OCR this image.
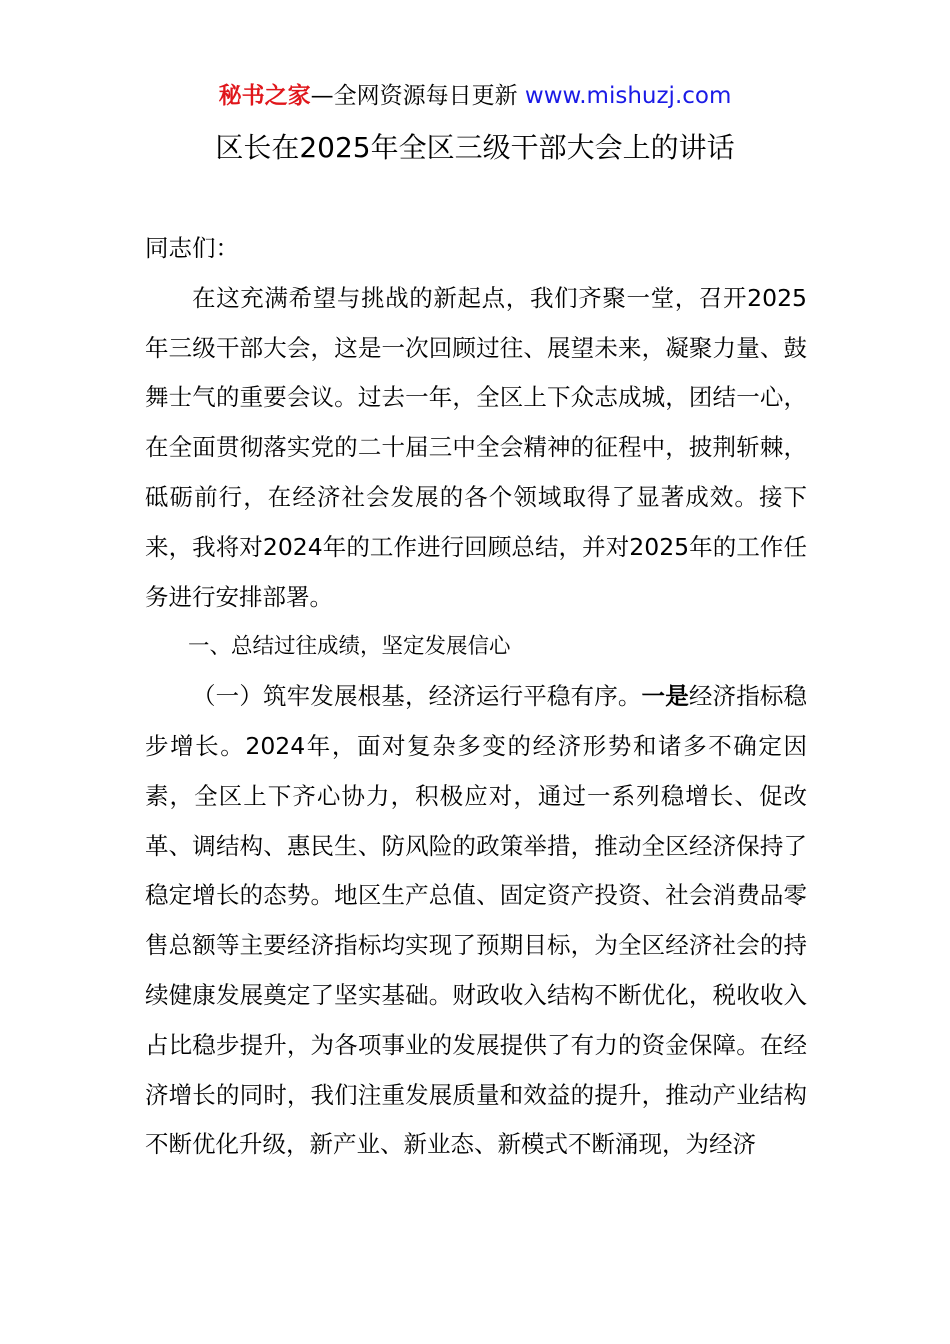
秘书之家—全网资源每日更新 www.mishuzj.com
区长在2025年全区三级干部大会上的讲话

同志们：

在这充满希望与挑战的新起点，我们齐聚一堂，召开2025年三级干部大会，这是一次回顾过往、展望未来，凝聚力量、鼓舞士气的重要会议。过去一年，全区上下众志成城，团结一心，在全面贯彻落实党的二十届三中全会精神的征程中，披荆斩棘，砥砺前行，在经济社会发展的各个领域取得了显著成效。接下来，我将对2024年的工作进行回顾总结，并对2025年的工作任务进行安排部署。

一、总结过往成绩，坚定发展信心

（一）筑牢发展根基，经济运行平稳有序。一是经济指标稳步增长。2024年，面对复杂多变的经济形势和诸多不确定因素，全区上下齐心协力，积极应对，通过一系列稳增长、促改革、调结构、惠民生、防风险的政策举措，推动全区经济保持了稳定增长的态势。地区生产总值、固定资产投资、社会消费品零售总额等主要经济指标均实现了预期目标，为全区经济社会的持续健康发展奠定了坚实基础。财政收入结构不断优化，税收收入占比稳步提升，为各项事业的发展提供了有力的资金保障。在经济增长的同时，我们注重发展质量和效益的提升，推动产业结构不断优化升级，新产业、新业态、新模式不断涌现，为经济
